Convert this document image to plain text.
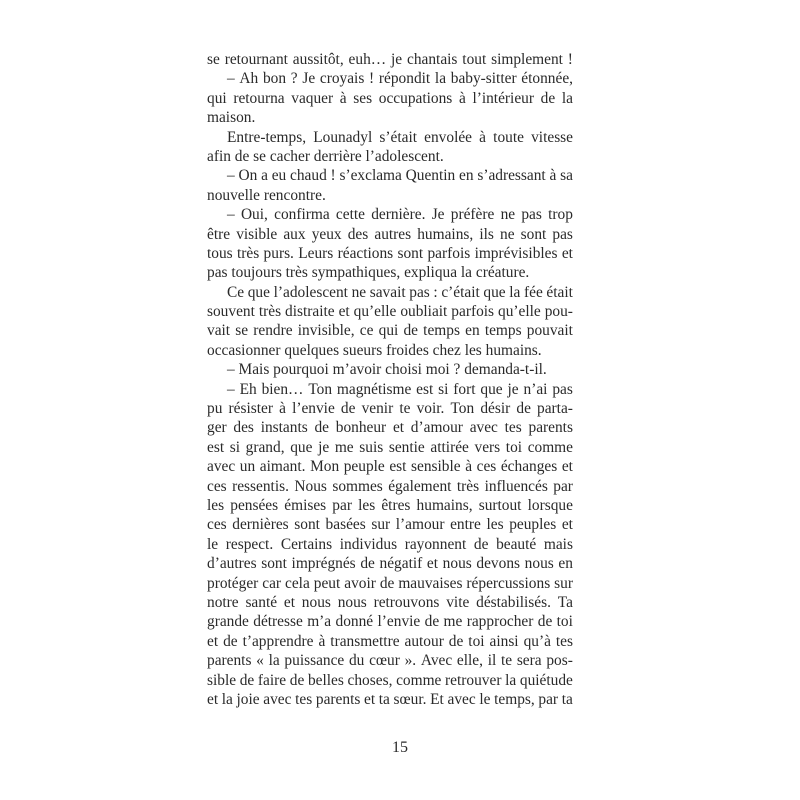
se retournant aussitôt, euh… je chantais tout simplement !
– Ah bon ? Je croyais ! répondit la baby-sitter étonnée,
qui retourna vaquer à ses occupations à l’intérieur de la
maison.
Entre-temps, Lounadyl s’était envolée à toute vitesse
afin de se cacher derrière l’adolescent.
– On a eu chaud ! s’exclama Quentin en s’adressant à sa
nouvelle rencontre.
– Oui, confirma cette dernière. Je préfère ne pas trop
être visible aux yeux des autres humains, ils ne sont pas
tous très purs. Leurs réactions sont parfois imprévisibles et
pas toujours très sympathiques, expliqua la créature.
Ce que l’adolescent ne savait pas : c’était que la fée était
souvent très distraite et qu’elle oubliait parfois qu’elle pou-
vait se rendre invisible, ce qui de temps en temps pouvait
occasionner quelques sueurs froides chez les humains.
– Mais pourquoi m’avoir choisi moi ? demanda-t-il.
– Eh bien… Ton magnétisme est si fort que je n’ai pas
pu résister à l’envie de venir te voir. Ton désir de parta-
ger des instants de bonheur et d’amour avec tes parents
est si grand, que je me suis sentie attirée vers toi comme
avec un aimant. Mon peuple est sensible à ces échanges et
ces ressentis. Nous sommes également très influencés par
les pensées émises par les êtres humains, surtout lorsque
ces dernières sont basées sur l’amour entre les peuples et
le respect. Certains individus rayonnent de beauté mais
d’autres sont imprégnés de négatif et nous devons nous en
protéger car cela peut avoir de mauvaises répercussions sur
notre santé et nous nous retrouvons vite déstabilisés. Ta
grande détresse m’a donné l’envie de me rapprocher de toi
et de t’apprendre à transmettre autour de toi ainsi qu’à tes
parents « la puissance du cœur ». Avec elle, il te sera pos-
sible de faire de belles choses, comme retrouver la quiétude
et la joie avec tes parents et ta sœur. Et avec le temps, par ta
15
